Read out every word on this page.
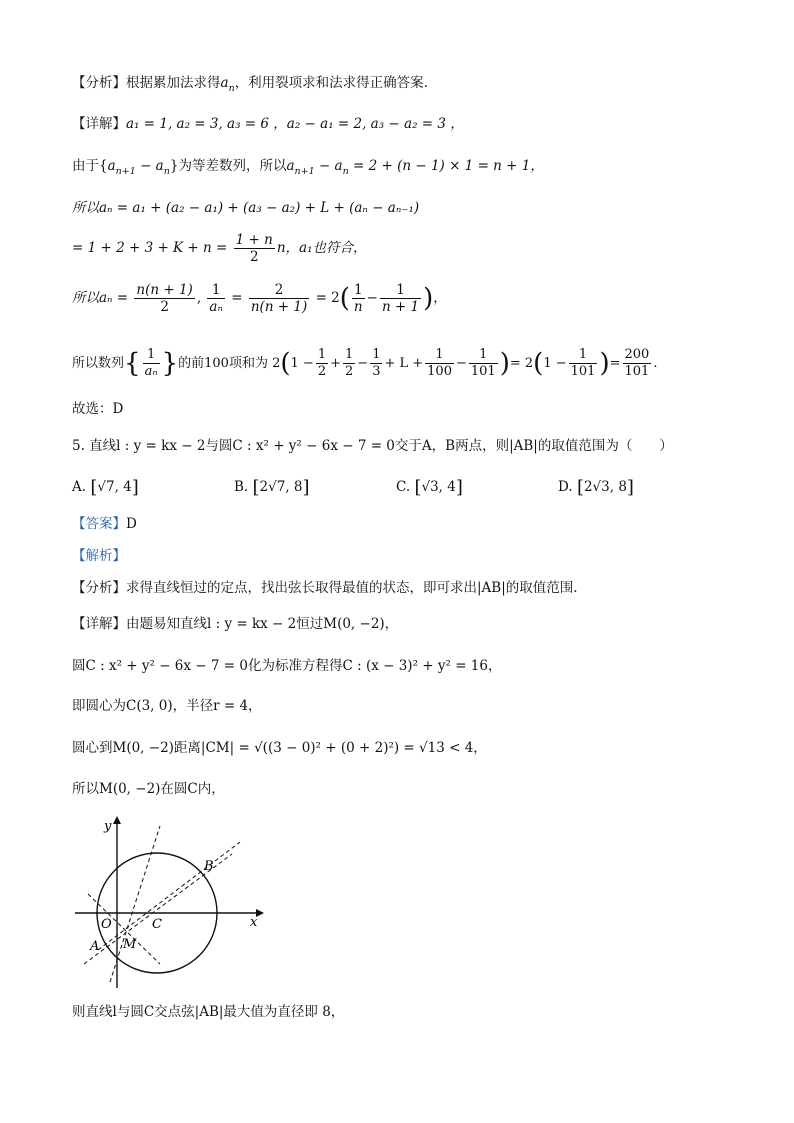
【分析】根据累加法求得$a_n$，利用裂项求和法求得正确答案.
【详解】a₁ = 1, a₂ = 3, a₃ = 6 ，a₂ − a₁ = 2, a₃ − a₂ = 3 ，
由于$\{a_{n+1} - a_n\}$为等差数列，所以$a_{n+1} - a_n = 2 + (n - 1) \times 1 = n + 1$，
所以aₙ = a₁ + (a₂ − a₁) + (a₃ − a₂) + L + (aₙ − aₙ₋₁)
= $1 + 2 + 3 + K + n = \frac{1 + n}{2}$ n，a₁也符合，
所以$a_n = \frac{n(n + 1)}{2}$ , $\frac{1}{\text{aₙ}} = \frac{2}{n(n + 1)} = 2( \frac{1}{n} - \frac{1}{n + 1}$ )，
所以数列{ $\frac{1}{\text{aₙ}}$ }的前100项和为 $2(1 - \frac{1}{2} + \frac{1}{2} - \frac{1}{3} + L + \frac{1}{100} - \frac{1}{101}$ )= $2(1 - \frac{1}{101}$ )= $\frac{200}{101}$ .
故选：D
5. 直线l : y = kx − 2与圆C : x² + y² − 6x − 7 = 0交于A，B两点，则|AB|的取值范围为（　　）
A. [√7, 4]	B. [2√7, 8]	C. [√3, 4]	D. [2√3, 8]
【答案】D
【解析】
【分析】求得直线恒过的定点，找出弦长取得最值的状态，即可求出|AB|的取值范围.
【详解】由题易知直线l : y = kx − 2恒过M(0, −2)，
圆C : x² + y² − 6x − 7 = 0化为标准方程得C : (x − 3)² + y² = 16，
即圆心为C(3, 0)，半径r = 4，
圆心到M(0, −2)距离|CM| = √((3 − 0)² + (0 + 2)²) = √13 < 4，
所以M(0, −2)在圆C内，
y
x
O	C
M
A
B
则直线l与圆C交点弦|AB|最大值为直径即 8，
